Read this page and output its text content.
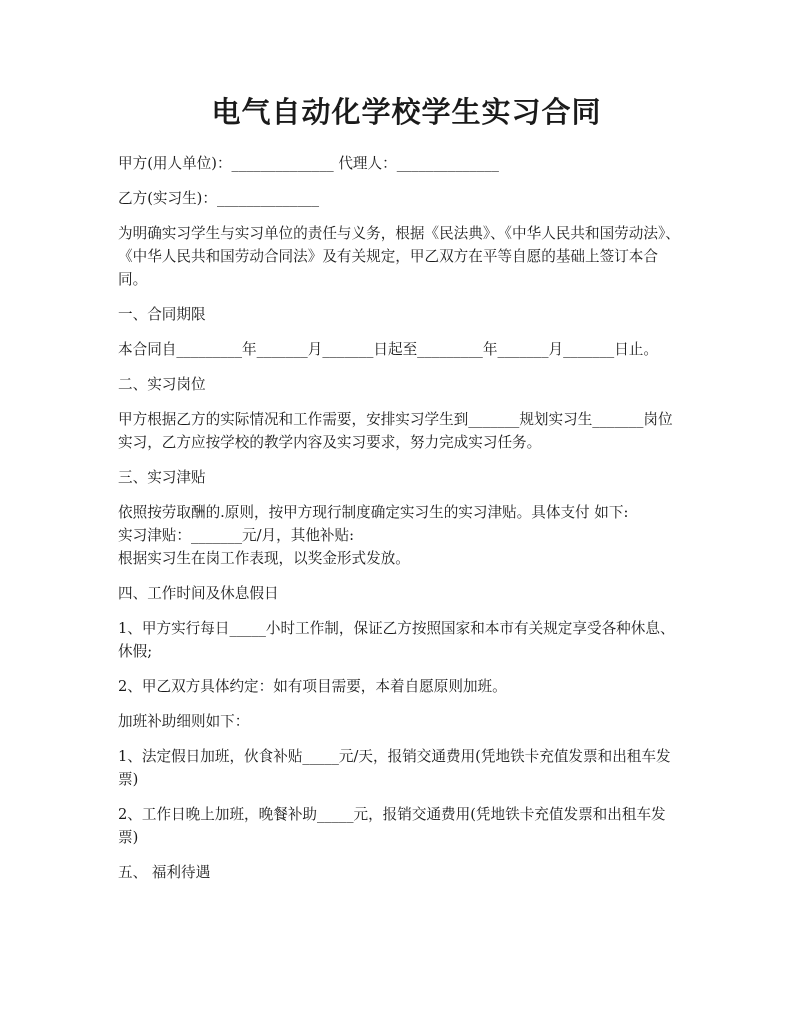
电气自动化学校学生实习合同

甲方(用人单位)：______________ 代理人：______________

乙方(实习生)：______________

为明确实习学生与实习单位的责任与义务，根据《民法典》、《中华人民共和国劳动法》、《中华人民共和国劳动合同法》及有关规定，甲乙双方在平等自愿的基础上签订本合同。

一、合同期限

本合同自_________年_______月_______日起至_________年_______月_______日止。

二、实习岗位

甲方根据乙方的实际情况和工作需要，安排实习学生到_______规划实习生_______岗位实习，乙方应按学校的教学内容及实习要求，努力完成实习任务。

三、实习津贴

依照按劳取酬的.原则，按甲方现行制度确定实习生的实习津贴。具体支付 如下:
实习津贴：_______元/月，其他补贴:
根据实习生在岗工作表现，以奖金形式发放。

四、工作时间及休息假日

1、甲方实行每日_____小时工作制，保证乙方按照国家和本市有关规定享受各种休息、休假;

2、甲乙双方具体约定：如有项目需要，本着自愿原则加班。

加班补助细则如下：

1、法定假日加班，伙食补贴_____元/天，报销交通费用(凭地铁卡充值发票和出租车发票)

2、工作日晚上加班，晚餐补助_____元，报销交通费用(凭地铁卡充值发票和出租车发票)

五、 福利待遇
